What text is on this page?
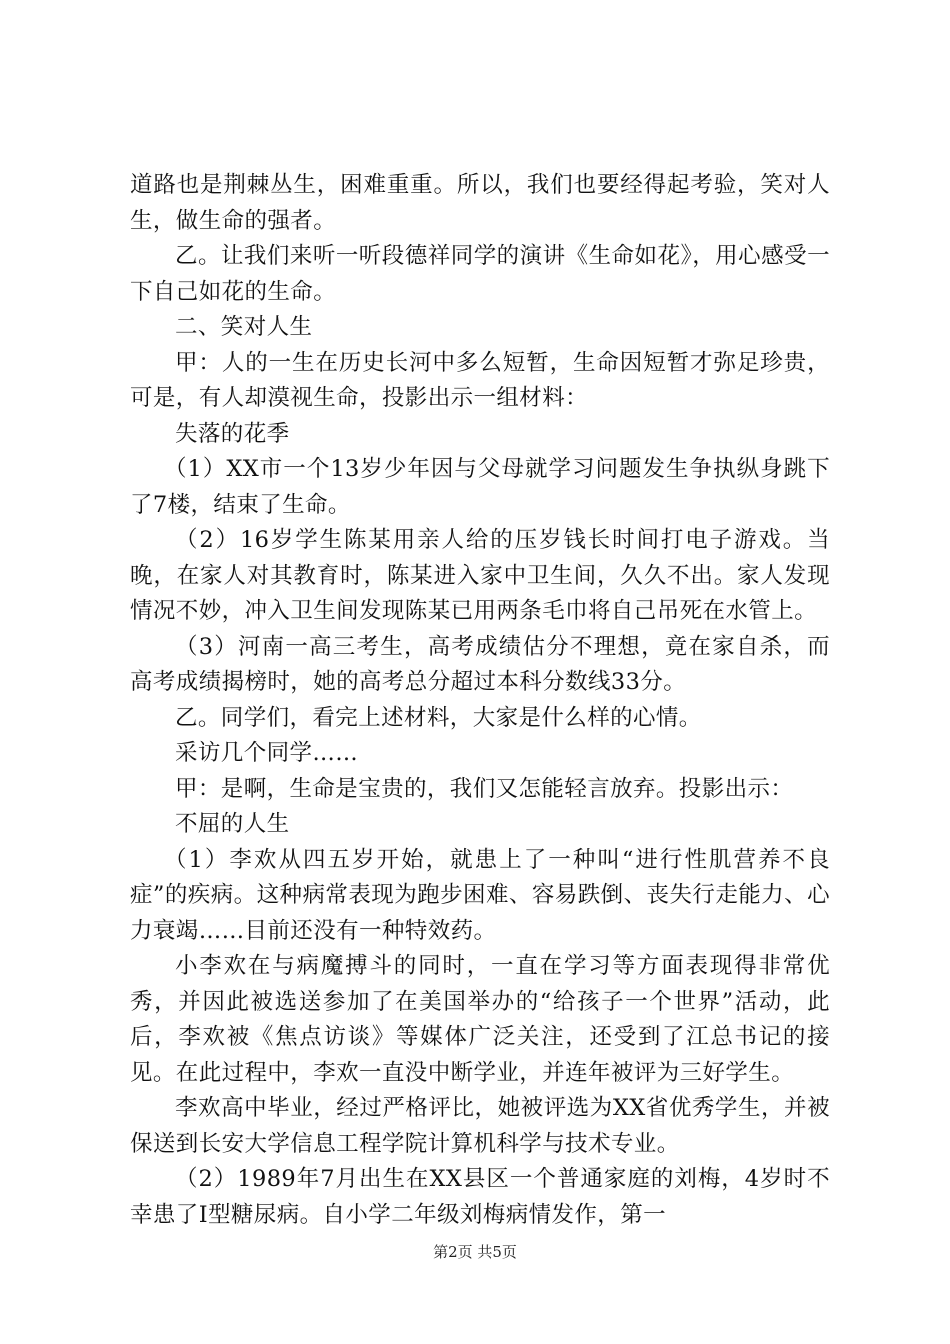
道路也是荆棘丛生，困难重重。所以，我们也要经得起考验，笑对人生，做生命的强者。

乙。让我们来听一听段德祥同学的演讲《生命如花》，用心感受一下自己如花的生命。

二、笑对人生

甲：人的一生在历史长河中多么短暂，生命因短暂才弥足珍贵，可是，有人却漠视生命，投影出示一组材料：

失落的花季

（1）XX市一个13岁少年因与父母就学习问题发生争执纵身跳下了7楼，结束了生命。

（2）16岁学生陈某用亲人给的压岁钱长时间打电子游戏。当晚，在家人对其教育时，陈某进入家中卫生间，久久不出。家人发现情况不妙，冲入卫生间发现陈某已用两条毛巾将自己吊死在水管上。

（3）河南一高三考生，高考成绩估分不理想，竟在家自杀，而高考成绩揭榜时，她的高考总分超过本科分数线33分。

乙。同学们，看完上述材料，大家是什么样的心情。

采访几个同学……

甲：是啊，生命是宝贵的，我们又怎能轻言放弃。投影出示：

不屈的人生

（1）李欢从四五岁开始，就患上了一种叫“进行性肌营养不良症”的疾病。这种病常表现为跑步困难、容易跌倒、丧失行走能力、心力衰竭……目前还没有一种特效药。

小李欢在与病魔搏斗的同时，一直在学习等方面表现得非常优秀，并因此被选送参加了在美国举办的“给孩子一个世界”活动，此后，李欢被《焦点访谈》等媒体广泛关注，还受到了江总书记的接见。在此过程中，李欢一直没中断学业，并连年被评为三好学生。

李欢高中毕业，经过严格评比，她被评选为XX省优秀学生，并被保送到长安大学信息工程学院计算机科学与技术专业。

（2）1989年7月出生在XX县区一个普通家庭的刘梅，4岁时不幸患了Ⅰ型糖尿病。自小学二年级刘梅病情发作，第一

第2页 共5页
